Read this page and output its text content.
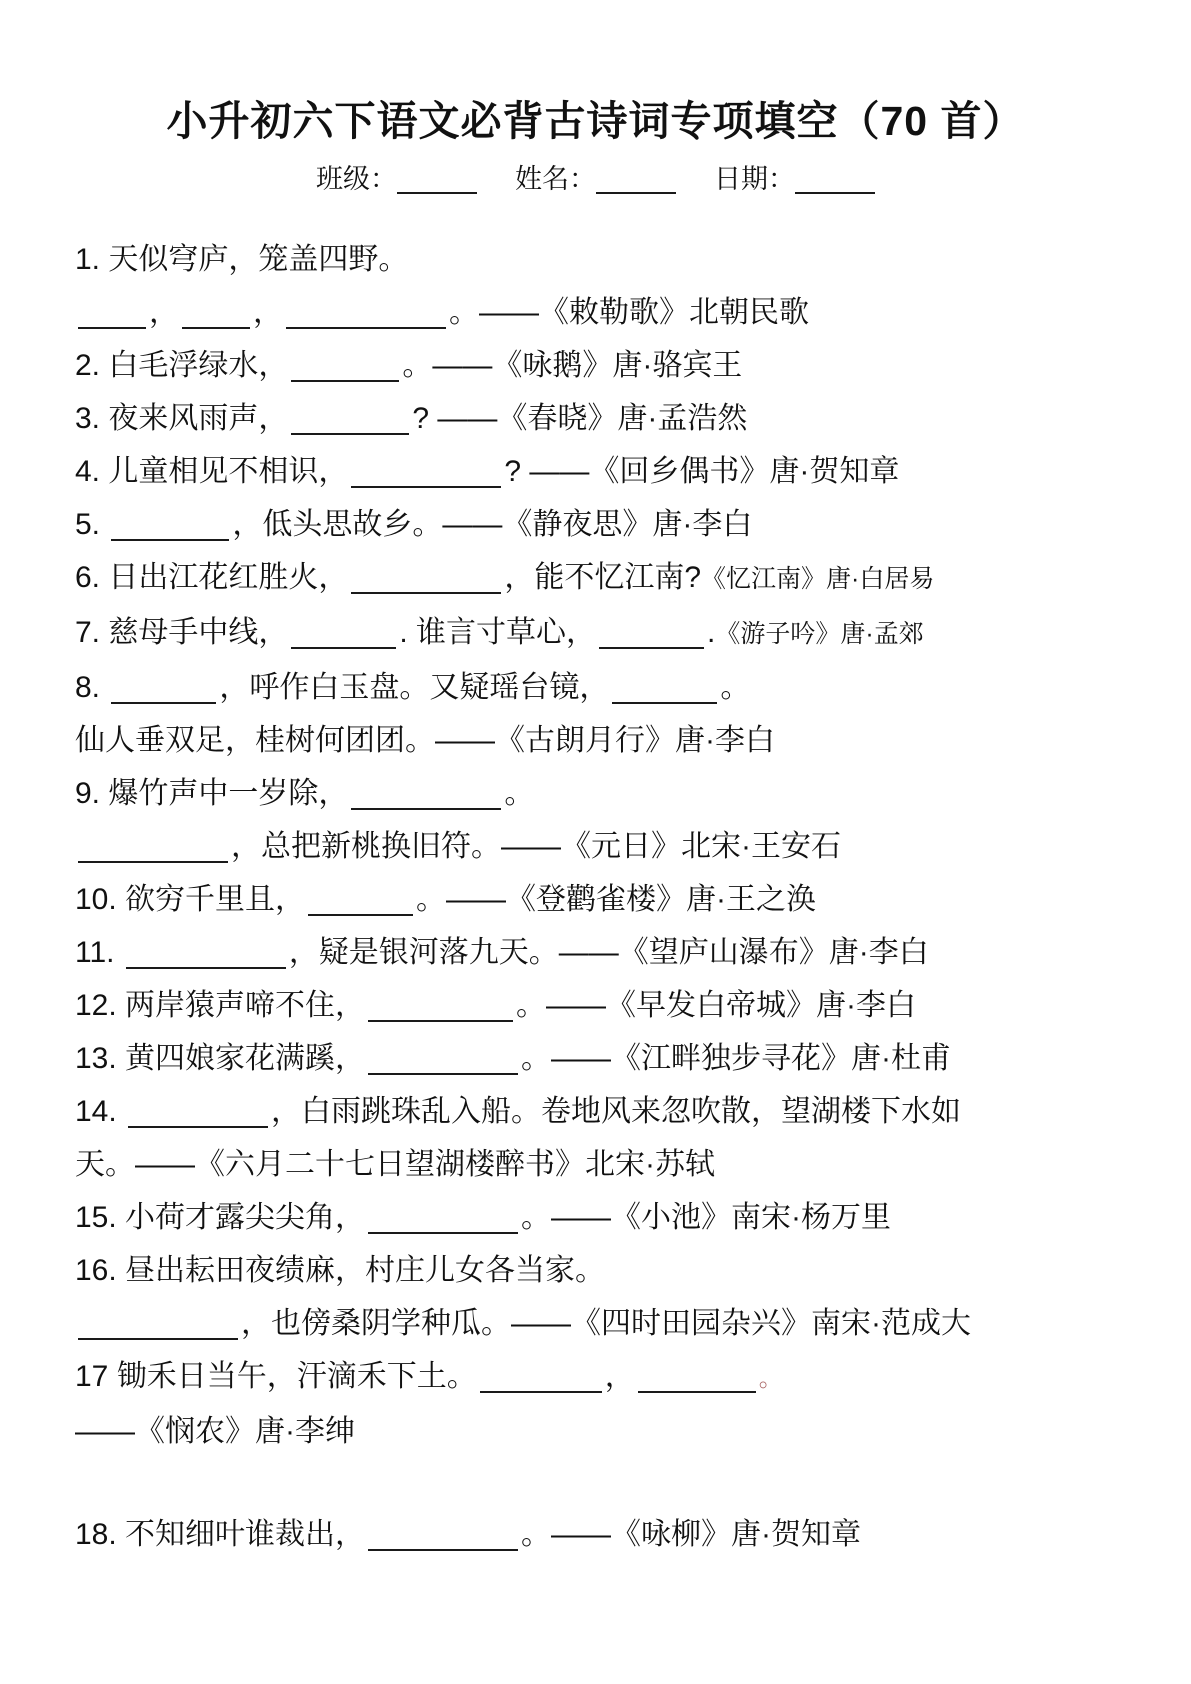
小升初六下语文必背古诗词专项填空（70 首）
班级：	姓名：	日期：
1. 天似穹庐，笼盖四野。
， ，	。——《敕勒歌》北朝民歌
2. 白毛浮绿水，	。——《咏鹅》唐·骆宾王
3. 夜来风雨声，	? ——《春晓》唐·孟浩然
4. 儿童相见不相识，	? ——《回乡偶书》唐·贺知章
5.	，低头思故乡。——《静夜思》唐·李白
6. 日出江花红胜火，	，能不忆江南?《忆江南》唐·白居易
7. 慈母手中线，	. 谁言寸草心，	.《游子吟》唐·孟郊
8.	，呼作白玉盘。又疑瑶台镜，	。
仙人垂双足，桂树何团团。——《古朗月行》唐·李白
9. 爆竹声中一岁除，	。
，总把新桃换旧符。——《元日》北宋·王安石
10. 欲穷千里且，	。——《登鹳雀楼》唐·王之涣
11.	，疑是银河落九天。——《望庐山瀑布》唐·李白
12. 两岸猿声啼不住，	。——《早发白帝城》唐·李白
13. 黄四娘家花满蹊，	。——《江畔独步寻花》唐·杜甫
14.	，白雨跳珠乱入船。卷地风来忽吹散，望湖楼下水如
天。——《六月二十七日望湖楼醉书》北宋·苏轼
15. 小荷才露尖尖角，	。——《小池》南宋·杨万里
16. 昼出耘田夜绩麻，村庄儿女各当家。
，也傍桑阴学种瓜。——《四时田园杂兴》南宋·范成大
17 锄禾日当午，汗滴禾下土。	，	。
——《悯农》唐·李绅
18. 不知细叶谁裁出，	。——《咏柳》唐·贺知章
